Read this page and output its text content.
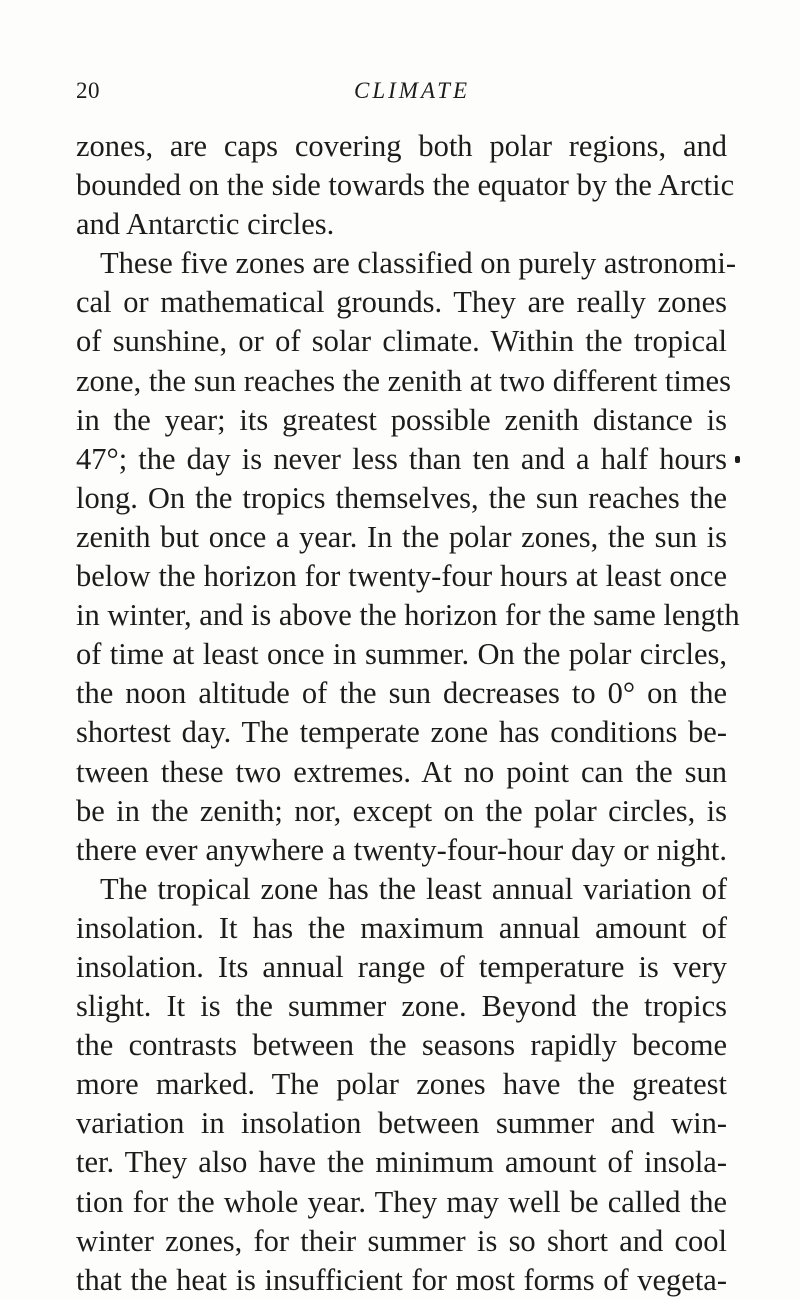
20	CLIMATE
zones, are caps covering both polar regions, and
bounded on the side towards the equator by the Arctic
and Antarctic circles.
These five zones are classified on purely astronomi-
cal or mathematical grounds. They are really zones
of sunshine, or of solar climate. Within the tropical
zone, the sun reaches the zenith at two different times
in the year; its greatest possible zenith distance is
47°; the day is never less than ten and a half hours
long. On the tropics themselves, the sun reaches the
zenith but once a year. In the polar zones, the sun is
below the horizon for twenty-four hours at least once
in winter, and is above the horizon for the same length
of time at least once in summer. On the polar circles,
the noon altitude of the sun decreases to 0° on the
shortest day. The temperate zone has conditions be-
tween these two extremes. At no point can the sun
be in the zenith; nor, except on the polar circles, is
there ever anywhere a twenty-four-hour day or night.
The tropical zone has the least annual variation of
insolation. It has the maximum annual amount of
insolation. Its annual range of temperature is very
slight. It is the summer zone. Beyond the tropics
the contrasts between the seasons rapidly become
more marked. The polar zones have the greatest
variation in insolation between summer and win-
ter. They also have the minimum amount of insola-
tion for the whole year. They may well be called the
winter zones, for their summer is so short and cool
that the heat is insufficient for most forms of vegeta-
